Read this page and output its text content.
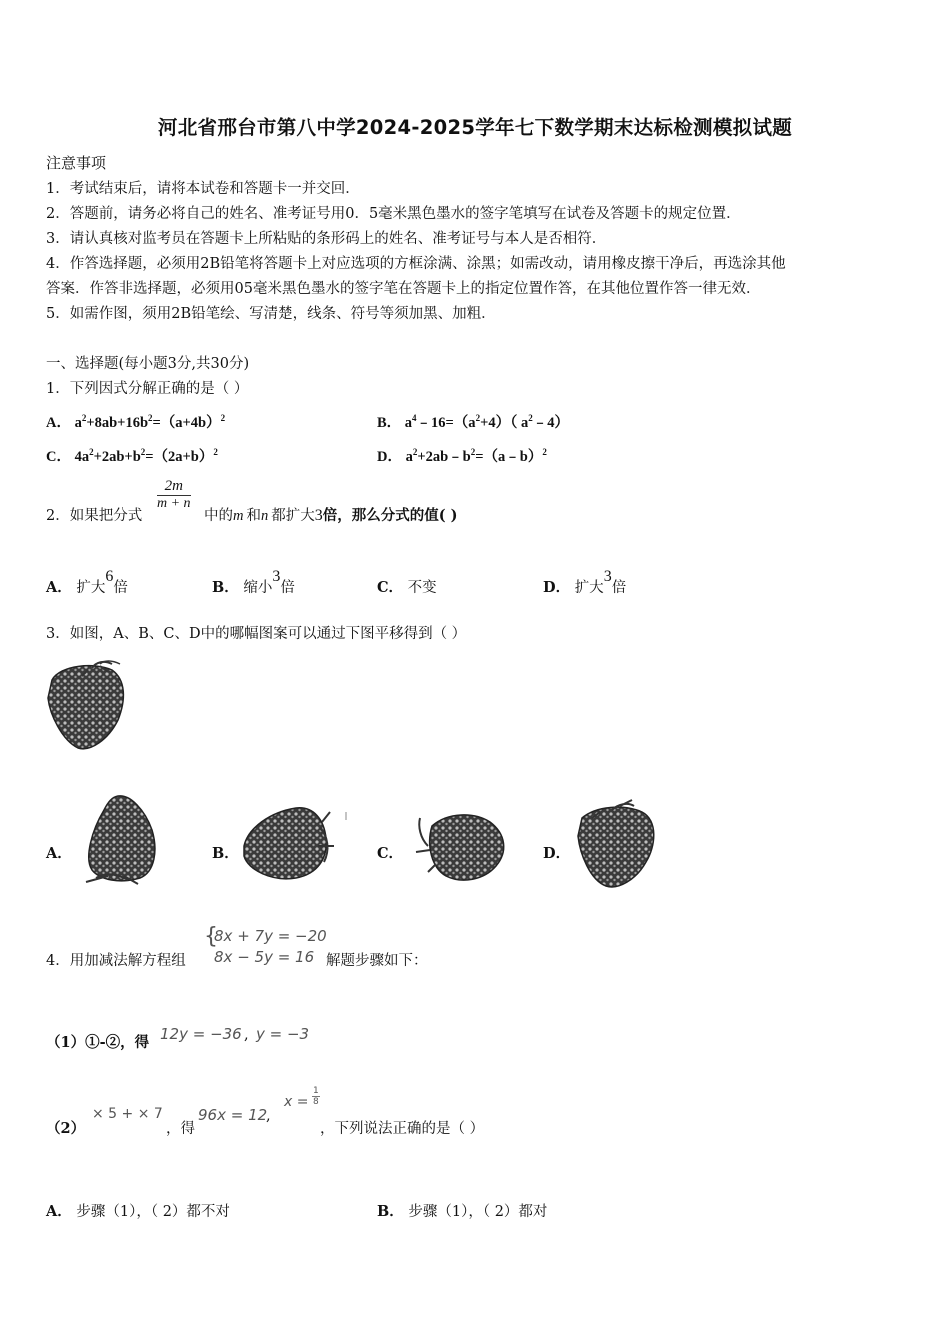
河北省邢台市第八中学2024-2025学年七下数学期末达标检测模拟试题
注意事项
1．考试结束后，请将本试卷和答题卡一并交回．
2．答题前，请务必将自己的姓名、准考证号用0．5毫米黑色墨水的签字笔填写在试卷及答题卡的规定位置．
3．请认真核对监考员在答题卡上所粘贴的条形码上的姓名、准考证号与本人是否相符．
4．作答选择题，必须用2B铅笔将答题卡上对应选项的方框涂满、涂黑；如需改动，请用橡皮擦干净后，再选涂其他
答案．作答非选择题，必须用05毫米黑色墨水的签字笔在答题卡上的指定位置作答，在其他位置作答一律无效．
5．如需作图，须用2B铅笔绘、写清楚，线条、符号等须加黑、加粗．
一、选择题(每小题3分,共30分)
1．下列因式分解正确的是（ ）
A． $a^2+8ab+16b^2=(a+4b)^2$	B． $a^4﹣16=(a^2+4)$（ $a^2﹣4$）
C． $4a^2+2ab+b^2=(2a+b)^2$	D． $a^2+2ab﹣b^2=(a﹣b)^2$
2．如果把分式
$\frac{2m}{m + n}$
中的m 和n 都扩大3倍，那么分式的值( )
A． 扩大6倍	B． 缩小3倍	C． 不变	D． 扩大3倍
3．如图，A、B、C、D中的哪幅图案可以通过下图平移得到（ ）
A．	B．	C．	D．
4．用加减法解方程组
{
8x + 7y = −20
8x − 5y = 16 解题步骤如下：
（1）①-②，得 12y = −36 , y = −3
（2）
× 5 + × 7
，得
96x = 12
,
x =
1
8
，下列说法正确的是（ ）
A． 步骤（1），（ 2）都不对	B． 步骤（1），（ 2）都对
